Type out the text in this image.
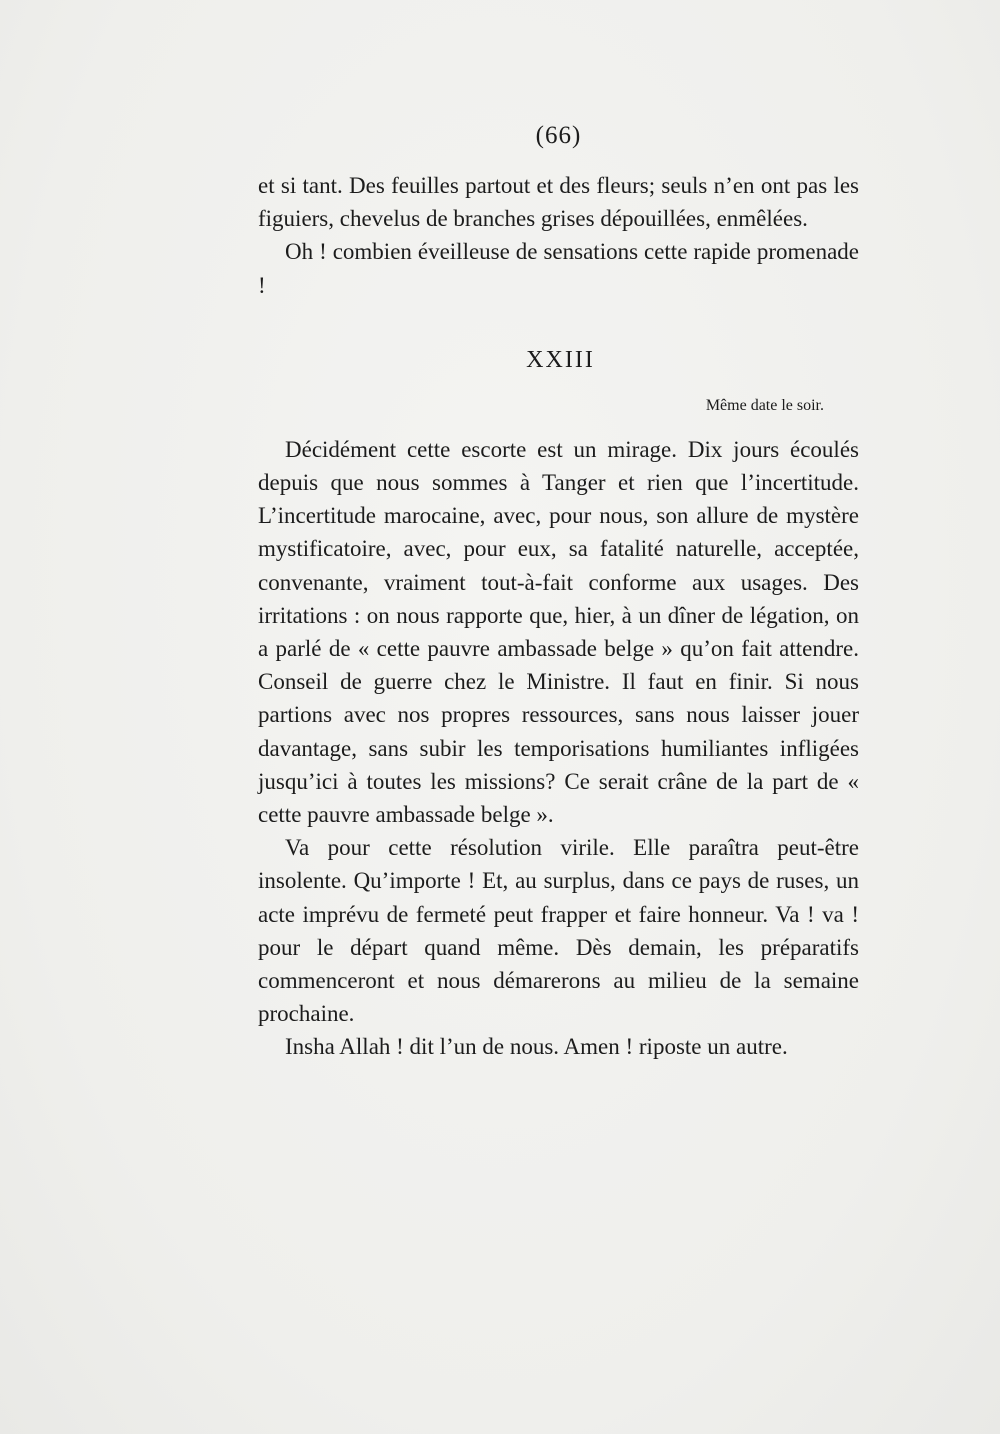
(66)

et si tant. Des feuilles partout et des fleurs; seuls n’en ont pas les figuiers, chevelus de branches grises dépouillées, enmêlées.

Oh ! combien éveilleuse de sensations cette rapide promenade !

XXIII
Même date le soir.

Décidément cette escorte est un mirage. Dix jours écoulés depuis que nous sommes à Tanger et rien que l’incertitude. L’incertitude marocaine, avec, pour nous, son allure de mystère mystificatoire, avec, pour eux, sa fatalité naturelle, acceptée, convenante, vraiment tout-à-fait conforme aux usages. Des irritations : on nous rapporte que, hier, à un dîner de légation, on a parlé de « cette pauvre ambassade belge » qu’on fait attendre. Conseil de guerre chez le Ministre. Il faut en finir. Si nous partions avec nos propres ressources, sans nous laisser jouer davantage, sans subir les temporisations humiliantes infligées jusqu’ici à toutes les missions? Ce serait crâne de la part de « cette pauvre ambassade belge ».

Va pour cette résolution virile. Elle paraîtra peut-être insolente. Qu’importe ! Et, au surplus, dans ce pays de ruses, un acte imprévu de fermeté peut frapper et faire honneur. Va ! va ! pour le départ quand même. Dès demain, les préparatifs commenceront et nous démarerons au milieu de la semaine prochaine.

Insha Allah ! dit l’un de nous. Amen ! riposte un autre.
